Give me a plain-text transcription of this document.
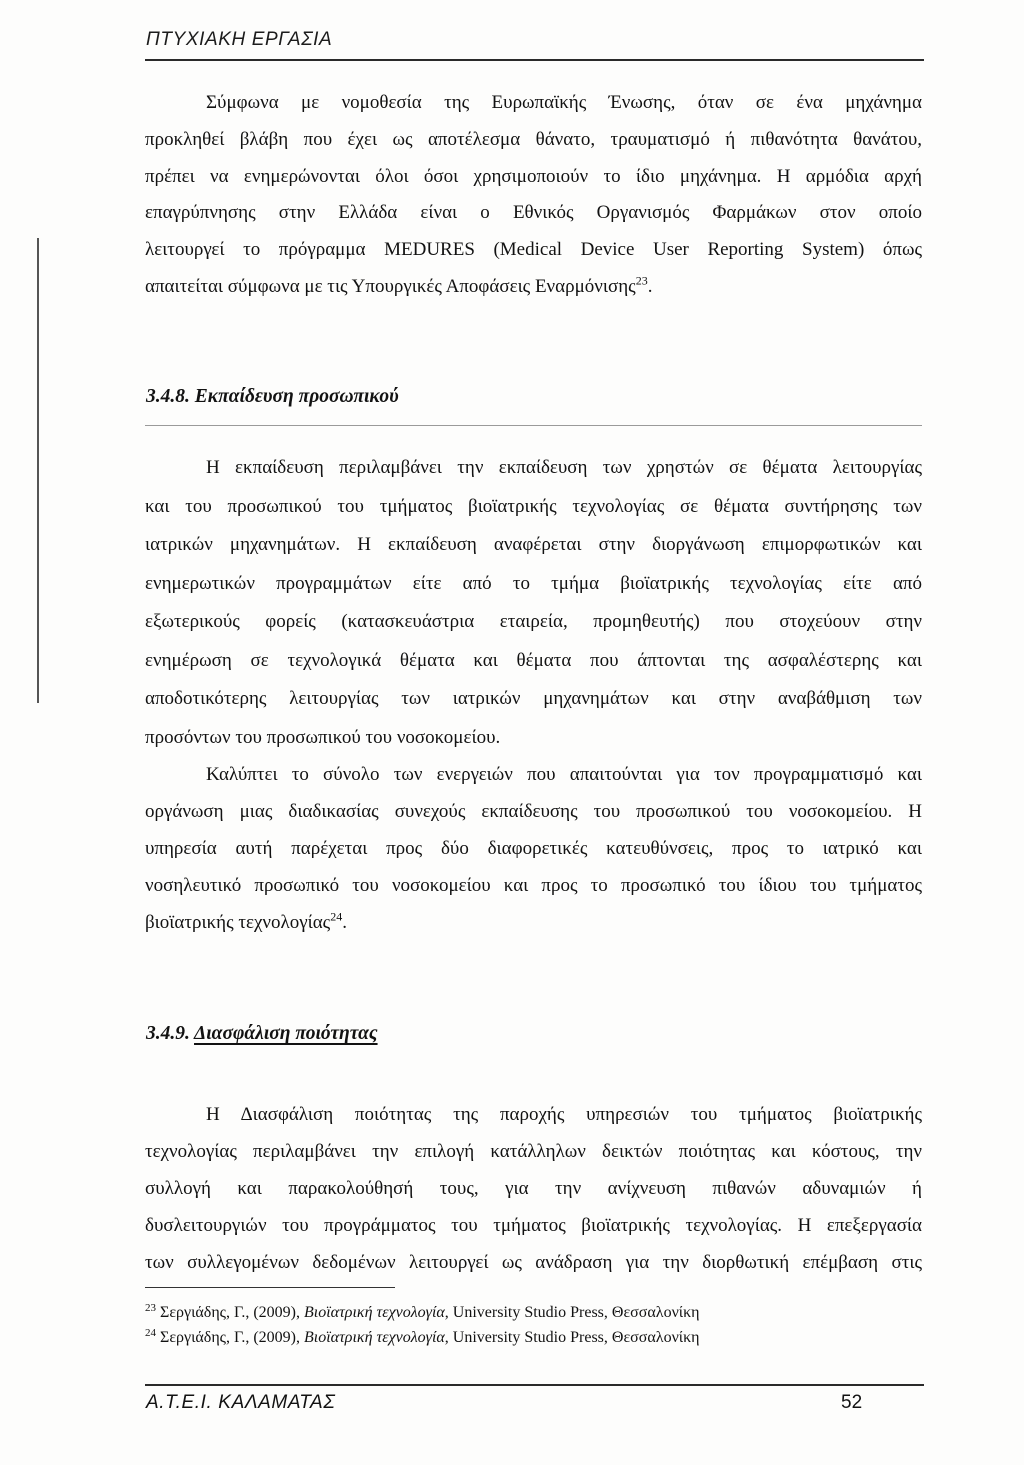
ΠΤΥΧΙΑΚΗ ΕΡΓΑΣΙΑ
Σύμφωνα με νομοθεσία της Ευρωπαϊκής Ένωσης, όταν σε ένα μηχάνημα
προκληθεί βλάβη που έχει ως αποτέλεσμα θάνατο, τραυματισμό ή πιθανότητα θανάτου,
πρέπει να ενημερώνονται όλοι όσοι χρησιμοποιούν το ίδιο μηχάνημα. Η αρμόδια αρχή
επαγρύπνησης στην Ελλάδα είναι ο Εθνικός Οργανισμός Φαρμάκων στον οποίο
λειτουργεί το πρόγραμμα MEDURES (Medical Device User Reporting System) όπως
απαιτείται σύμφωνα με τις Υπουργικές Αποφάσεις Εναρμόνισης$^{23}$.
3.4.8. Εκπαίδευση προσωπικού
Η εκπαίδευση περιλαμβάνει την εκπαίδευση των χρηστών σε θέματα λειτουργίας
και του προσωπικού του τμήματος βιοϊατρικής τεχνολογίας σε θέματα συντήρησης των
ιατρικών μηχανημάτων. Η εκπαίδευση αναφέρεται στην διοργάνωση επιμορφωτικών και
ενημερωτικών προγραμμάτων είτε από το τμήμα βιοϊατρικής τεχνολογίας είτε από
εξωτερικούς φορείς (κατασκευάστρια εταιρεία, προμηθευτής) που στοχεύουν στην
ενημέρωση σε τεχνολογικά θέματα και θέματα που άπτονται της ασφαλέστερης και
αποδοτικότερης λειτουργίας των ιατρικών μηχανημάτων και στην αναβάθμιση των
προσόντων του προσωπικού του νοσοκομείου.
Καλύπτει το σύνολο των ενεργειών που απαιτούνται για τον προγραμματισμό και
οργάνωση μιας διαδικασίας συνεχούς εκπαίδευσης του προσωπικού του νοσοκομείου. Η
υπηρεσία αυτή παρέχεται προς δύο διαφορετικές κατευθύνσεις, προς το ιατρικό και
νοσηλευτικό προσωπικό του νοσοκομείου και προς το προσωπικό του ίδιου του τμήματος
βιοϊατρικής τεχνολογίας$^{24}$.
3.4.9. Διασφάλιση ποιότητας
Η Διασφάλιση ποιότητας της παροχής υπηρεσιών του τμήματος βιοϊατρικής
τεχνολογίας περιλαμβάνει την επιλογή κατάλληλων δεικτών ποιότητας και κόστους, την
συλλογή και παρακολούθησή τους, για την ανίχνευση πιθανών αδυναμιών ή
δυσλειτουργιών του προγράμματος του τμήματος βιοϊατρικής τεχνολογίας. Η επεξεργασία
των συλλεγομένων δεδομένων λειτουργεί ως ανάδραση για την διορθωτική επέμβαση στις
$^{23}$ Σεργιάδης, Γ., (2009), Βιοϊατρική τεχνολογία, University Studio Press, Θεσσαλονίκη
$^{24}$ Σεργιάδης, Γ., (2009), Βιοϊατρική τεχνολογία, University Studio Press, Θεσσαλονίκη
Α.Τ.Ε.Ι. ΚΑΛΑΜΑΤΑΣ	52
